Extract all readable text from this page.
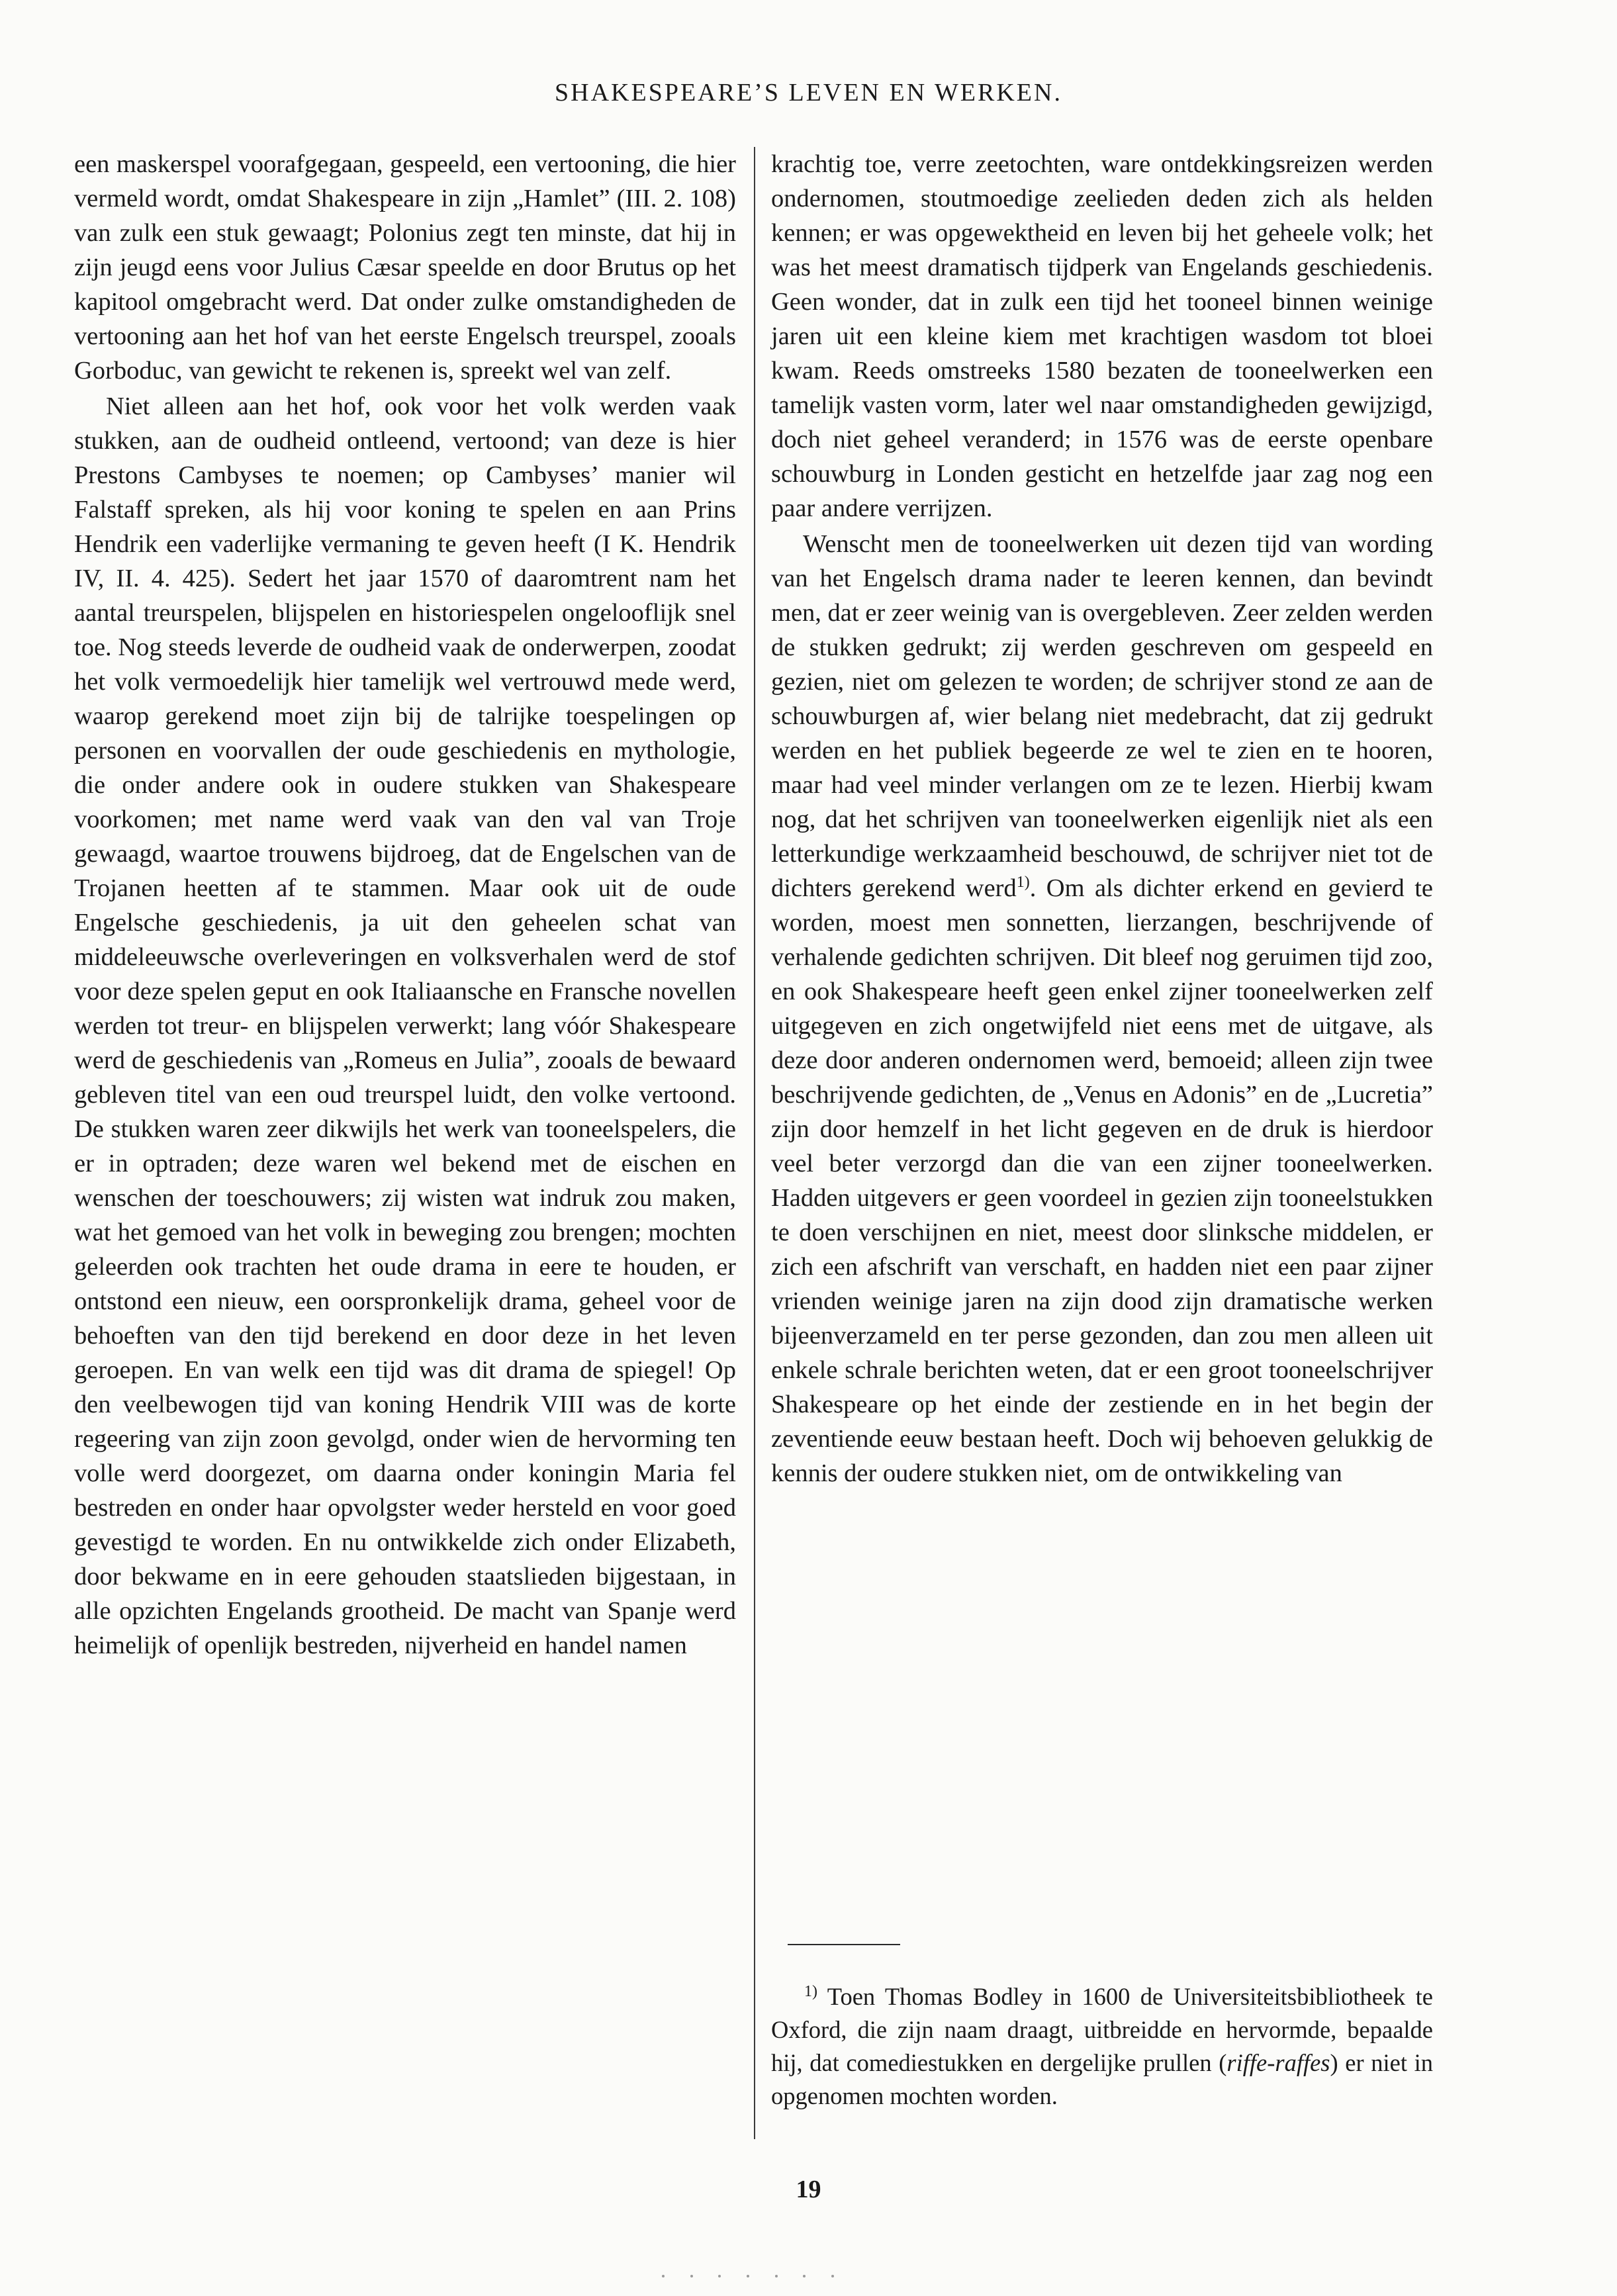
SHAKESPEARE’S LEVEN EN WERKEN.

een maskerspel voorafgegaan, gespeeld, een vertooning, die hier vermeld wordt, omdat Shakespeare in zijn „Hamlet” (III. 2. 108) van zulk een stuk gewaagt; Polonius zegt ten minste, dat hij in zijn jeugd eens voor Julius Cæsar speelde en door Brutus op het kapitool omgebracht werd. Dat onder zulke omstandigheden de vertooning aan het hof van het eerste Engelsch treurspel, zooals Gorboduc, van gewicht te rekenen is, spreekt wel van zelf.

Niet alleen aan het hof, ook voor het volk werden vaak stukken, aan de oudheid ontleend, vertoond; van deze is hier Prestons Cambyses te noemen; op Cambyses’ manier wil Falstaff spreken, als hij voor koning te spelen en aan Prins Hendrik een vaderlijke vermaning te geven heeft (I K. Hendrik IV, II. 4. 425). Sedert het jaar 1570 of daaromtrent nam het aantal treurspelen, blijspelen en historiespelen ongelooflijk snel toe. Nog steeds leverde de oudheid vaak de onderwerpen, zoodat het volk vermoedelijk hier tamelijk wel vertrouwd mede werd, waarop gerekend moet zijn bij de talrijke toespelingen op personen en voorvallen der oude geschiedenis en mythologie, die onder andere ook in oudere stukken van Shakespeare voorkomen; met name werd vaak van den val van Troje gewaagd, waartoe trouwens bijdroeg, dat de Engelschen van de Trojanen heetten af te stammen. Maar ook uit de oude Engelsche geschiedenis, ja uit den geheelen schat van middeleeuwsche overleveringen en volksverhalen werd de stof voor deze spelen geput en ook Italiaansche en Fransche novellen werden tot treur- en blijspelen verwerkt; lang vóór Shakespeare werd de geschiedenis van „Romeus en Julia”, zooals de bewaard gebleven titel van een oud treurspel luidt, den volke vertoond. De stukken waren zeer dikwijls het werk van tooneelspelers, die er in optraden; deze waren wel bekend met de eischen en wenschen der toeschouwers; zij wisten wat indruk zou maken, wat het gemoed van het volk in beweging zou brengen; mochten geleerden ook trachten het oude drama in eere te houden, er ontstond een nieuw, een oorspronkelijk drama, geheel voor de behoeften van den tijd berekend en door deze in het leven geroepen. En van welk een tijd was dit drama de spiegel! Op den veelbewogen tijd van koning Hendrik VIII was de korte regeering van zijn zoon gevolgd, onder wien de hervorming ten volle werd doorgezet, om daarna onder koningin Maria fel bestreden en onder haar opvolgster weder hersteld en voor goed gevestigd te worden. En nu ontwikkelde zich onder Elizabeth, door bekwame en in eere gehouden staatslieden bijgestaan, in alle opzichten Engelands grootheid. De macht van Spanje werd heimelijk of openlijk bestreden, nijverheid en handel namen

krachtig toe, verre zeetochten, ware ontdekkingsreizen werden ondernomen, stoutmoedige zeelieden deden zich als helden kennen; er was opgewektheid en leven bij het geheele volk; het was het meest dramatisch tijdperk van Engelands geschiedenis. Geen wonder, dat in zulk een tijd het tooneel binnen weinige jaren uit een kleine kiem met krachtigen wasdom tot bloei kwam. Reeds omstreeks 1580 bezaten de tooneelwerken een tamelijk vasten vorm, later wel naar omstandigheden gewijzigd, doch niet geheel veranderd; in 1576 was de eerste openbare schouwburg in Londen gesticht en hetzelfde jaar zag nog een paar andere verrijzen.

Wenscht men de tooneelwerken uit dezen tijd van wording van het Engelsch drama nader te leeren kennen, dan bevindt men, dat er zeer weinig van is overgebleven. Zeer zelden werden de stukken gedrukt; zij werden geschreven om gespeeld en gezien, niet om gelezen te worden; de schrijver stond ze aan de schouwburgen af, wier belang niet medebracht, dat zij gedrukt werden en het publiek begeerde ze wel te zien en te hooren, maar had veel minder verlangen om ze te lezen. Hierbij kwam nog, dat het schrijven van tooneelwerken eigenlijk niet als een letterkundige werkzaamheid beschouwd, de schrijver niet tot de dichters gerekend werd$^{1)}$. Om als dichter erkend en gevierd te worden, moest men sonnetten, lierzangen, beschrijvende of verhalende gedichten schrijven. Dit bleef nog geruimen tijd zoo, en ook Shakespeare heeft geen enkel zijner tooneelwerken zelf uitgegeven en zich ongetwijfeld niet eens met de uitgave, als deze door anderen ondernomen werd, bemoeid; alleen zijn twee beschrijvende gedichten, de „Venus en Adonis” en de „Lucretia” zijn door hemzelf in het licht gegeven en de druk is hierdoor veel beter verzorgd dan die van een zijner tooneelwerken. Hadden uitgevers er geen voordeel in gezien zijn tooneelstukken te doen verschijnen en niet, meest door slinksche middelen, er zich een afschrift van verschaft, en hadden niet een paar zijner vrienden weinige jaren na zijn dood zijn dramatische werken bijeenverzameld en ter perse gezonden, dan zou men alleen uit enkele schrale berichten weten, dat er een groot tooneelschrijver Shakespeare op het einde der zestiende en in het begin der zeventiende eeuw bestaan heeft. Doch wij behoeven gelukkig de kennis der oudere stukken niet, om de ontwikkeling van

$^{1)}$ Toen Thomas Bodley in 1600 de Universiteitsbibliotheek te Oxford, die zijn naam draagt, uitbreidde en hervormde, bepaalde hij, dat comediestukken en dergelijke prullen (riffe-raffes) er niet in opgenomen mochten worden.
19
